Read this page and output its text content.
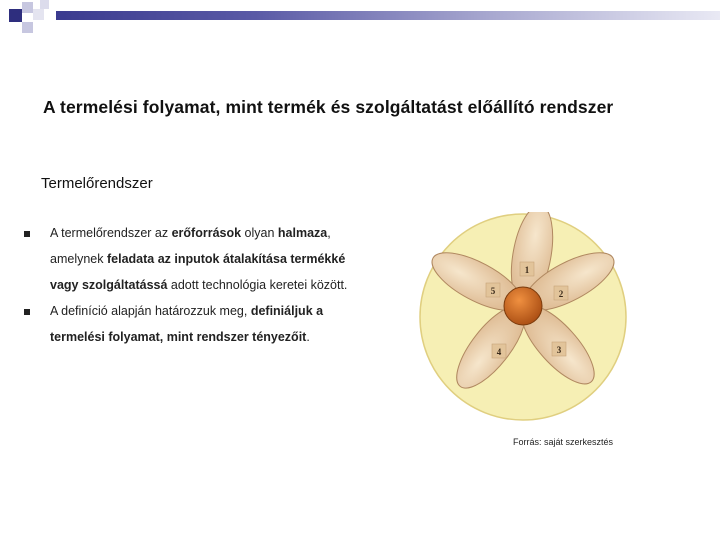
A termelési folyamat, mint termék és szolgáltatást előállító rendszer
Termelőrendszer
A termelőrendszer az erőforrások olyan halmaza, amelynek feladata az inputok átalakítása termékké vagy szolgáltatássá adott technológia keretei között.
A definíció alapján határozzuk meg, definiáljuk a termelési folyamat, mint rendszer tényezőit.
1
2
3
4
5
Forrás: saját szerkesztés
